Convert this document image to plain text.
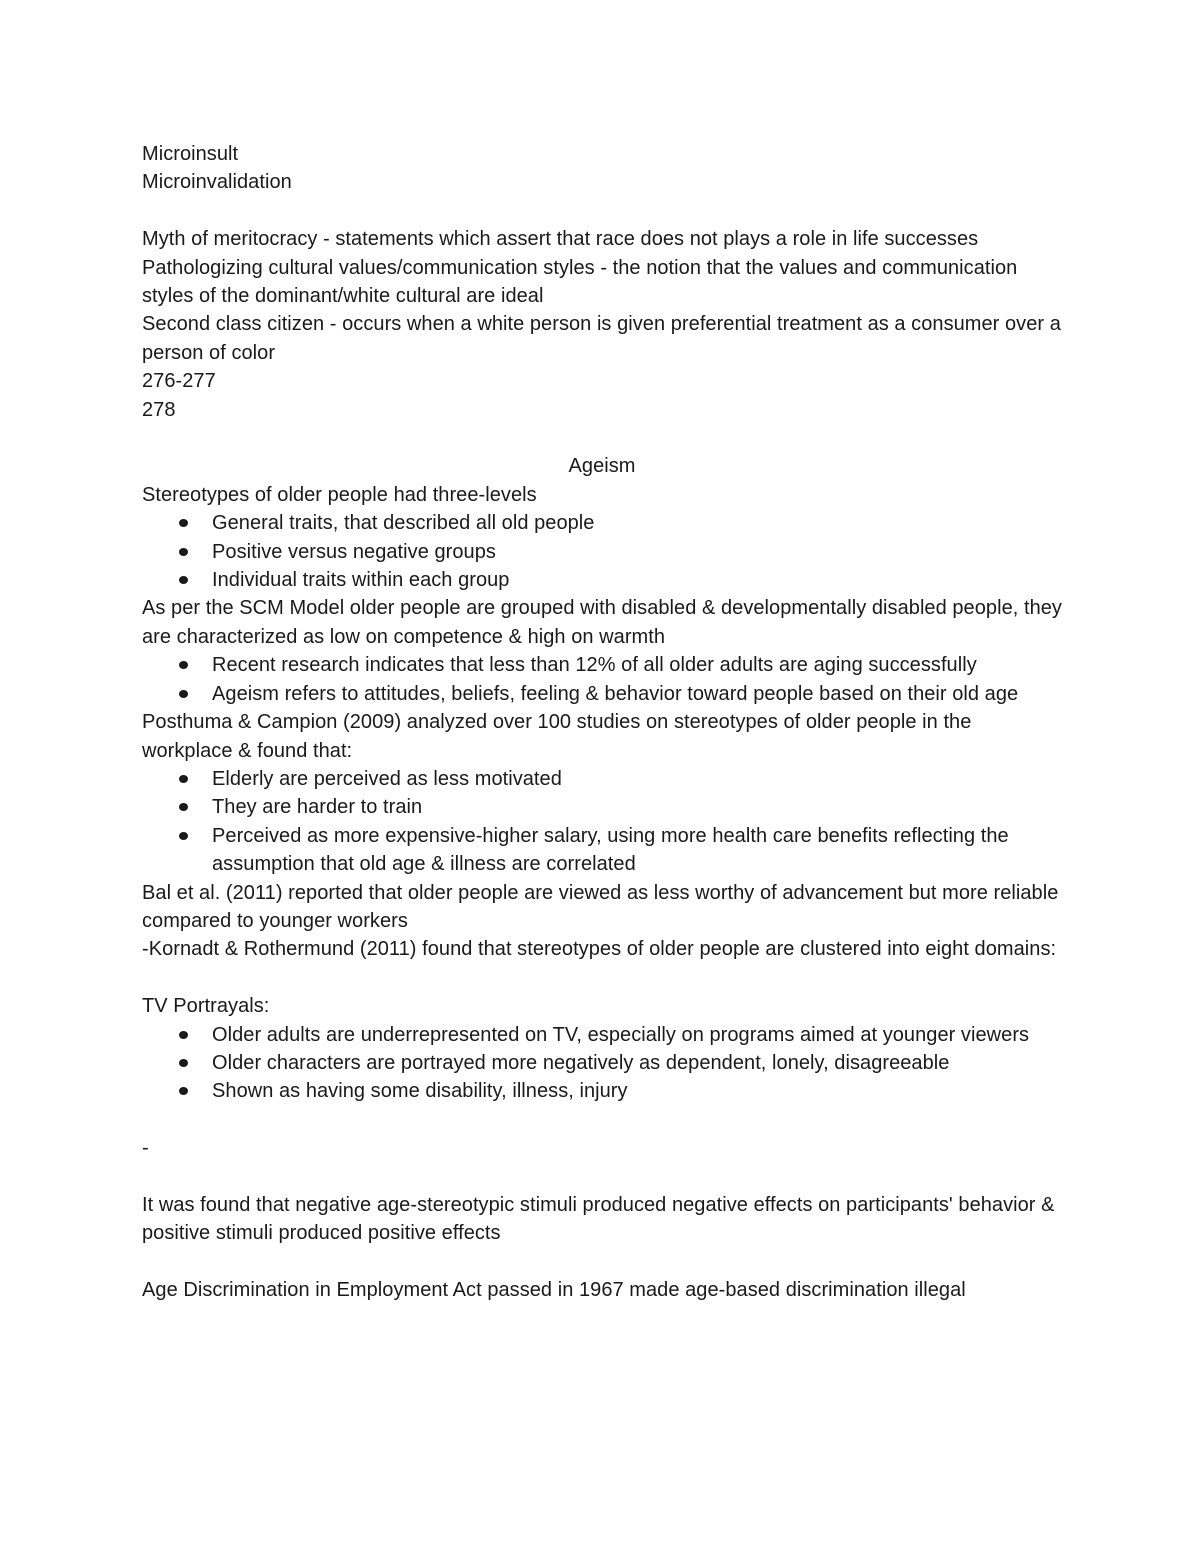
Microinsult

Microinvalidation

Myth of meritocracy - statements which assert that race does not plays a role in life successes

Pathologizing cultural values/communication styles - the notion that the values and communication styles of the dominant/white cultural are ideal

Second class citizen - occurs when a white person is given preferential treatment as a consumer over a person of color

276-277

278

Ageism

Stereotypes of older people had three-levels

General traits, that described all old people
Positive versus negative groups
Individual traits within each group

As per the SCM Model older people are grouped with disabled & developmentally disabled people, they are characterized as low on competence & high on warmth

Recent research indicates that less than 12% of all older adults are aging successfully
Ageism refers to attitudes, beliefs, feeling & behavior toward people based on their old age

Posthuma & Campion (2009) analyzed over 100 studies on stereotypes of older people in the workplace & found that:

Elderly are perceived as less motivated
They are harder to train
Perceived as more expensive-higher salary, using more health care benefits reflecting the assumption that old age & illness are correlated

Bal et al. (2011) reported that older people are viewed as less worthy of advancement but more reliable compared to younger workers

-Kornadt & Rothermund (2011) found that stereotypes of older people are clustered into eight domains:

TV Portrayals:

Older adults are underrepresented on TV, especially on programs aimed at younger viewers
Older characters are portrayed more negatively as dependent, lonely, disagreeable
Shown as having some disability, illness, injury

-

It was found that negative age-stereotypic stimuli produced negative effects on participants' behavior & positive stimuli produced positive effects

Age Discrimination in Employment Act passed in 1967 made age-based discrimination illegal
